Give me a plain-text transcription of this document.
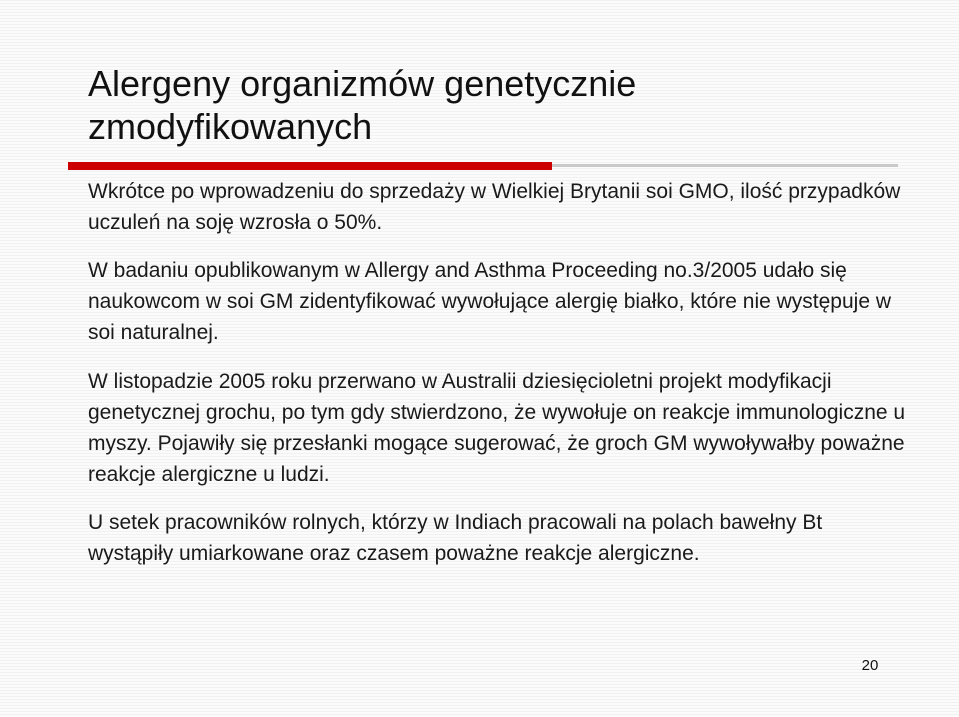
Alergeny organizmów genetycznie zmodyfikowanych

Wkrótce po wprowadzeniu do sprzedaży w Wielkiej Brytanii soi GMO, ilość przypadków uczuleń na soję wzrosła o 50%.

W badaniu opublikowanym w Allergy and Asthma Proceeding no.3/2005 udało się naukowcom w soi GM zidentyfikować wywołujące alergię białko, które nie występuje w soi naturalnej.

W listopadzie 2005 roku przerwano w Australii dziesięcioletni projekt modyfikacji genetycznej grochu, po tym gdy stwierdzono, że wywołuje on reakcje immunologiczne u myszy. Pojawiły się przesłanki mogące sugerować, że groch GM wywoływałby poważne reakcje alergiczne u ludzi.

U setek pracowników rolnych, którzy w Indiach pracowali na polach bawełny Bt wystąpiły umiarkowane oraz czasem poważne reakcje alergiczne.

20
